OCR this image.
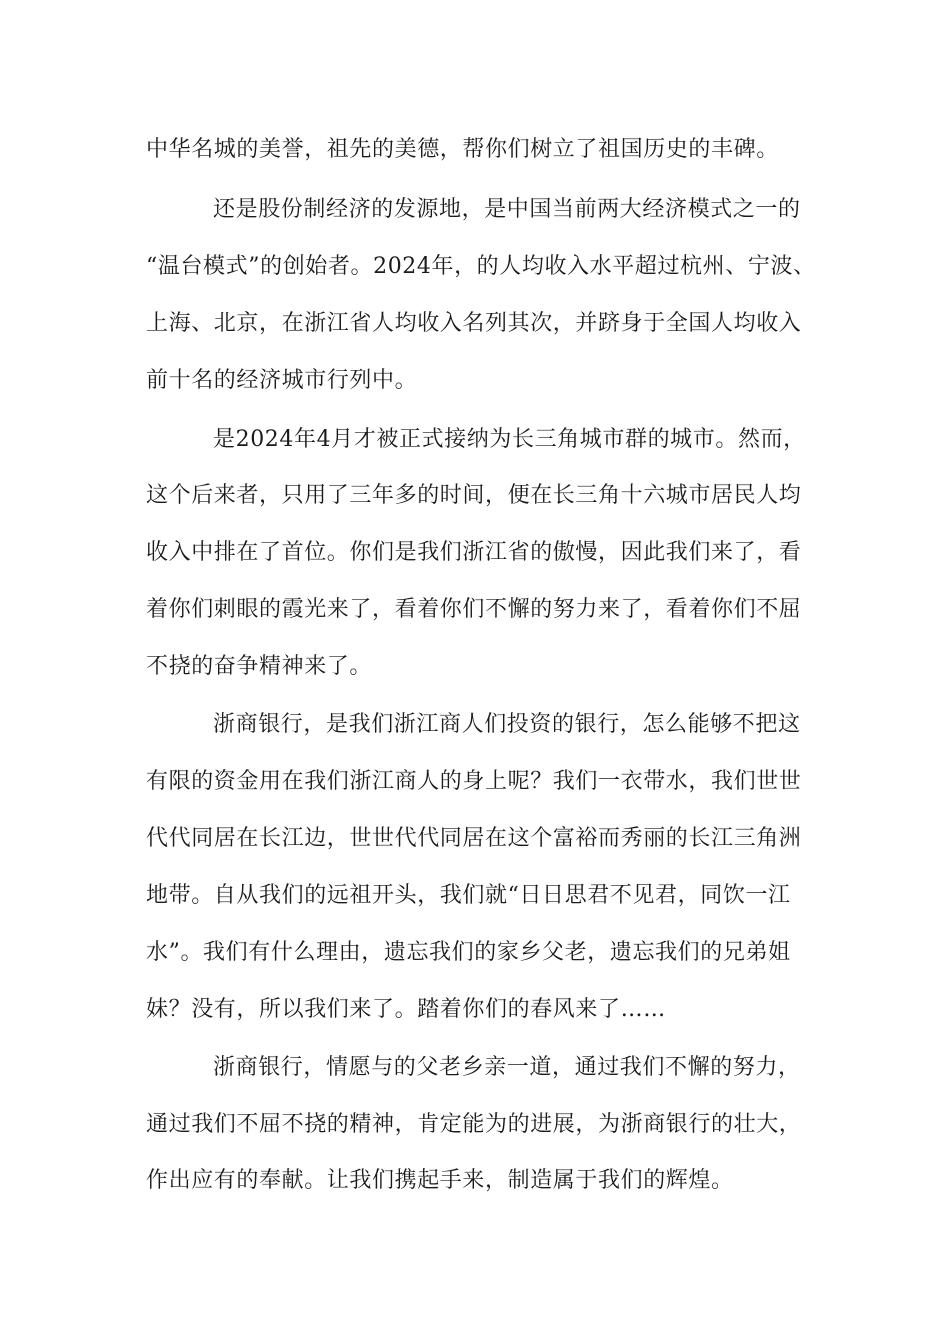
中华名城的美誉，祖先的美德，帮你们树立了祖国历史的丰碑。
还是股份制经济的发源地，是中国当前两大经济模式之一的
“温台模式”的创始者。2024年，的人均收入水平超过杭州、宁波、
上海、北京，在浙江省人均收入名列其次，并跻身于全国人均收入
前十名的经济城市行列中。
是2024年4月才被正式接纳为长三角城市群的城市。然而，
这个后来者，只用了三年多的时间，便在长三角十六城市居民人均
收入中排在了首位。你们是我们浙江省的傲慢，因此我们来了，看
着你们刺眼的霞光来了，看着你们不懈的努力来了，看着你们不屈
不挠的奋争精神来了。
浙商银行，是我们浙江商人们投资的银行，怎么能够不把这
有限的资金用在我们浙江商人的身上呢？我们一衣带水，我们世世
代代同居在长江边，世世代代同居在这个富裕而秀丽的长江三角洲
地带。自从我们的远祖开头，我们就“日日思君不见君，同饮一江
水”。我们有什么理由，遗忘我们的家乡父老，遗忘我们的兄弟姐
妹？没有，所以我们来了。踏着你们的春风来了……
浙商银行，情愿与的父老乡亲一道，通过我们不懈的努力，
通过我们不屈不挠的精神，肯定能为的进展，为浙商银行的壮大，
作出应有的奉献。让我们携起手来，制造属于我们的辉煌。
